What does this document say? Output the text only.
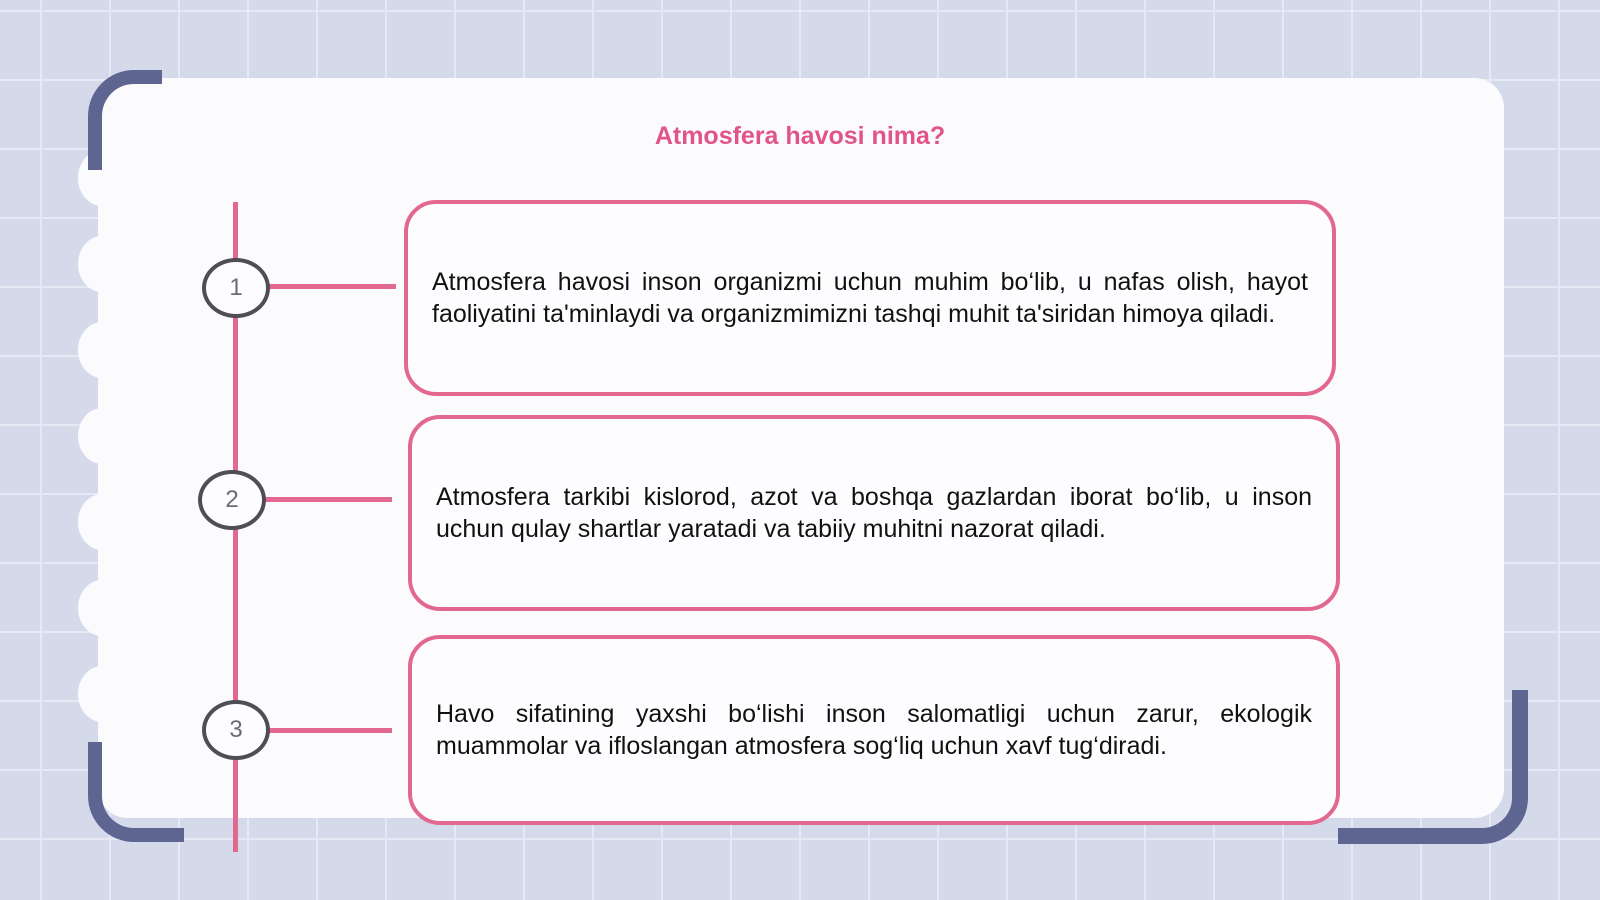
Atmosfera havosi nima?
1
2
3

Atmosfera havosi inson organizmi uchun muhim bo‘lib, u nafas olish, hayot faoliyatini ta'minlaydi va organizmimizni tashqi muhit ta'siridan himoya qiladi.

Atmosfera tarkibi kislorod, azot va boshqa gazlardan iborat bo‘lib, u inson uchun qulay shartlar yaratadi va tabiiy muhitni nazorat qiladi.

Havo sifatining yaxshi bo‘lishi inson salomatligi uchun zarur, ekologik muammolar va ifloslangan atmosfera sog‘liq uchun xavf tug‘diradi.
